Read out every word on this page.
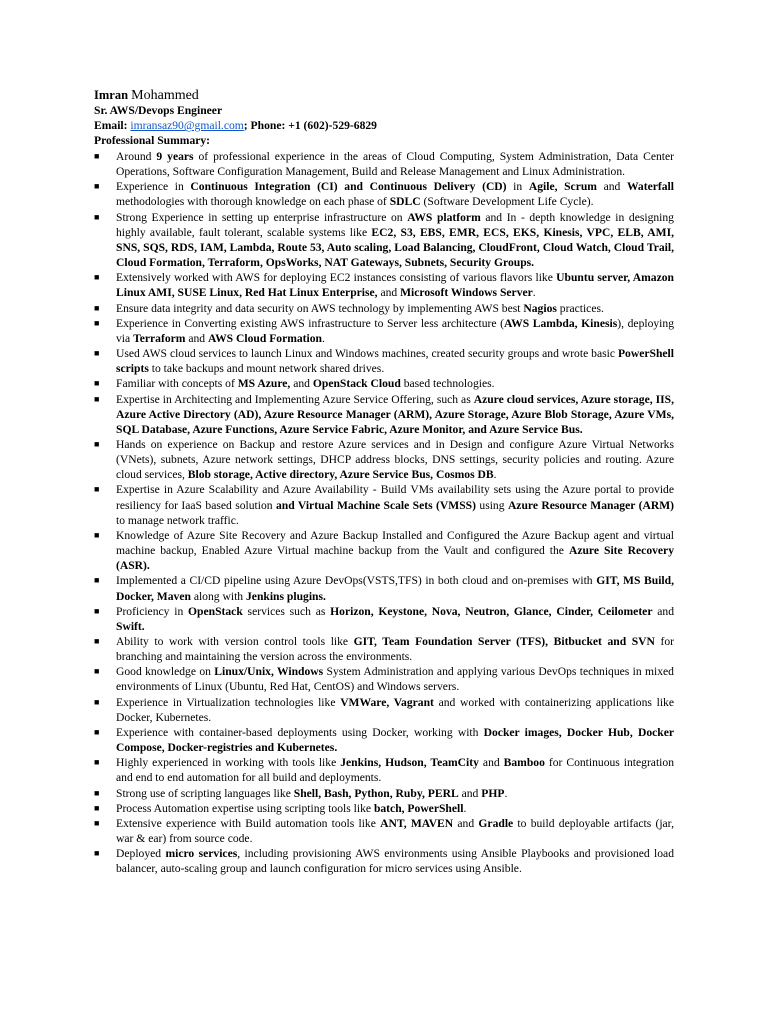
Imran Mohammed
Sr. AWS/Devops Engineer
Email: imransaz90@gmail.com; Phone: +1 (602)-529-6829
Professional Summary:
■ Around 9 years of professional experience in the areas of Cloud Computing, System Administration, Data Center Operations, Software Configuration Management, Build and Release Management and Linux Administration.
■ Experience in Continuous Integration (CI) and Continuous Delivery (CD) in Agile, Scrum and Waterfall methodologies with thorough knowledge on each phase of SDLC (Software Development Life Cycle).
■ Strong Experience in setting up enterprise infrastructure on AWS platform and In - depth knowledge in designing highly available, fault tolerant, scalable systems like EC2, S3, EBS, EMR, ECS, EKS, Kinesis, VPC, ELB, AMI, SNS, SQS, RDS, IAM, Lambda, Route 53, Auto scaling, Load Balancing, CloudFront, Cloud Watch, Cloud Trail, Cloud Formation, Terraform, OpsWorks, NAT Gateways, Subnets, Security Groups.
■ Extensively worked with AWS for deploying EC2 instances consisting of various flavors like Ubuntu server, Amazon Linux AMI, SUSE Linux, Red Hat Linux Enterprise, and Microsoft Windows Server.
■ Ensure data integrity and data security on AWS technology by implementing AWS best Nagios practices.
■ Experience in Converting existing AWS infrastructure to Server less architecture (AWS Lambda, Kinesis), deploying via Terraform and AWS Cloud Formation.
■ Used AWS cloud services to launch Linux and Windows machines, created security groups and wrote basic PowerShell scripts to take backups and mount network shared drives.
■ Familiar with concepts of MS Azure, and OpenStack Cloud based technologies.
■ Expertise in Architecting and Implementing Azure Service Offering, such as Azure cloud services, Azure storage, IIS, Azure Active Directory (AD), Azure Resource Manager (ARM), Azure Storage, Azure Blob Storage, Azure VMs, SQL Database, Azure Functions, Azure Service Fabric, Azure Monitor, and Azure Service Bus.
■ Hands on experience on Backup and restore Azure services and in Design and configure Azure Virtual Networks (VNets), subnets, Azure network settings, DHCP address blocks, DNS settings, security policies and routing. Azure cloud services, Blob storage, Active directory, Azure Service Bus, Cosmos DB.
■ Expertise in Azure Scalability and Azure Availability - Build VMs availability sets using the Azure portal to provide resiliency for IaaS based solution and Virtual Machine Scale Sets (VMSS) using Azure Resource Manager (ARM) to manage network traffic.
■ Knowledge of Azure Site Recovery and Azure Backup Installed and Configured the Azure Backup agent and virtual machine backup, Enabled Azure Virtual machine backup from the Vault and configured the Azure Site Recovery (ASR).
■ Implemented a CI/CD pipeline using Azure DevOps(VSTS,TFS) in both cloud and on-premises with GIT, MS Build, Docker, Maven along with Jenkins plugins.
■ Proficiency in OpenStack services such as Horizon, Keystone, Nova, Neutron, Glance, Cinder, Ceilometer and Swift.
■ Ability to work with version control tools like GIT, Team Foundation Server (TFS), Bitbucket and SVN for branching and maintaining the version across the environments.
■ Good knowledge on Linux/Unix, Windows System Administration and applying various DevOps techniques in mixed environments of Linux (Ubuntu, Red Hat, CentOS) and Windows servers.
■ Experience in Virtualization technologies like VMWare, Vagrant and worked with containerizing applications like Docker, Kubernetes.
■ Experience with container-based deployments using Docker, working with Docker images, Docker Hub, Docker Compose, Docker-registries and Kubernetes.
■ Highly experienced in working with tools like Jenkins, Hudson, TeamCity and Bamboo for Continuous integration and end to end automation for all build and deployments.
■ Strong use of scripting languages like Shell, Bash, Python, Ruby, PERL and PHP.
■ Process Automation expertise using scripting tools like batch, PowerShell.
■ Extensive experience with Build automation tools like ANT, MAVEN and Gradle to build deployable artifacts (jar, war & ear) from source code.
■ Deployed micro services, including provisioning AWS environments using Ansible Playbooks and provisioned load balancer, auto-scaling group and launch configuration for micro services using Ansible.
